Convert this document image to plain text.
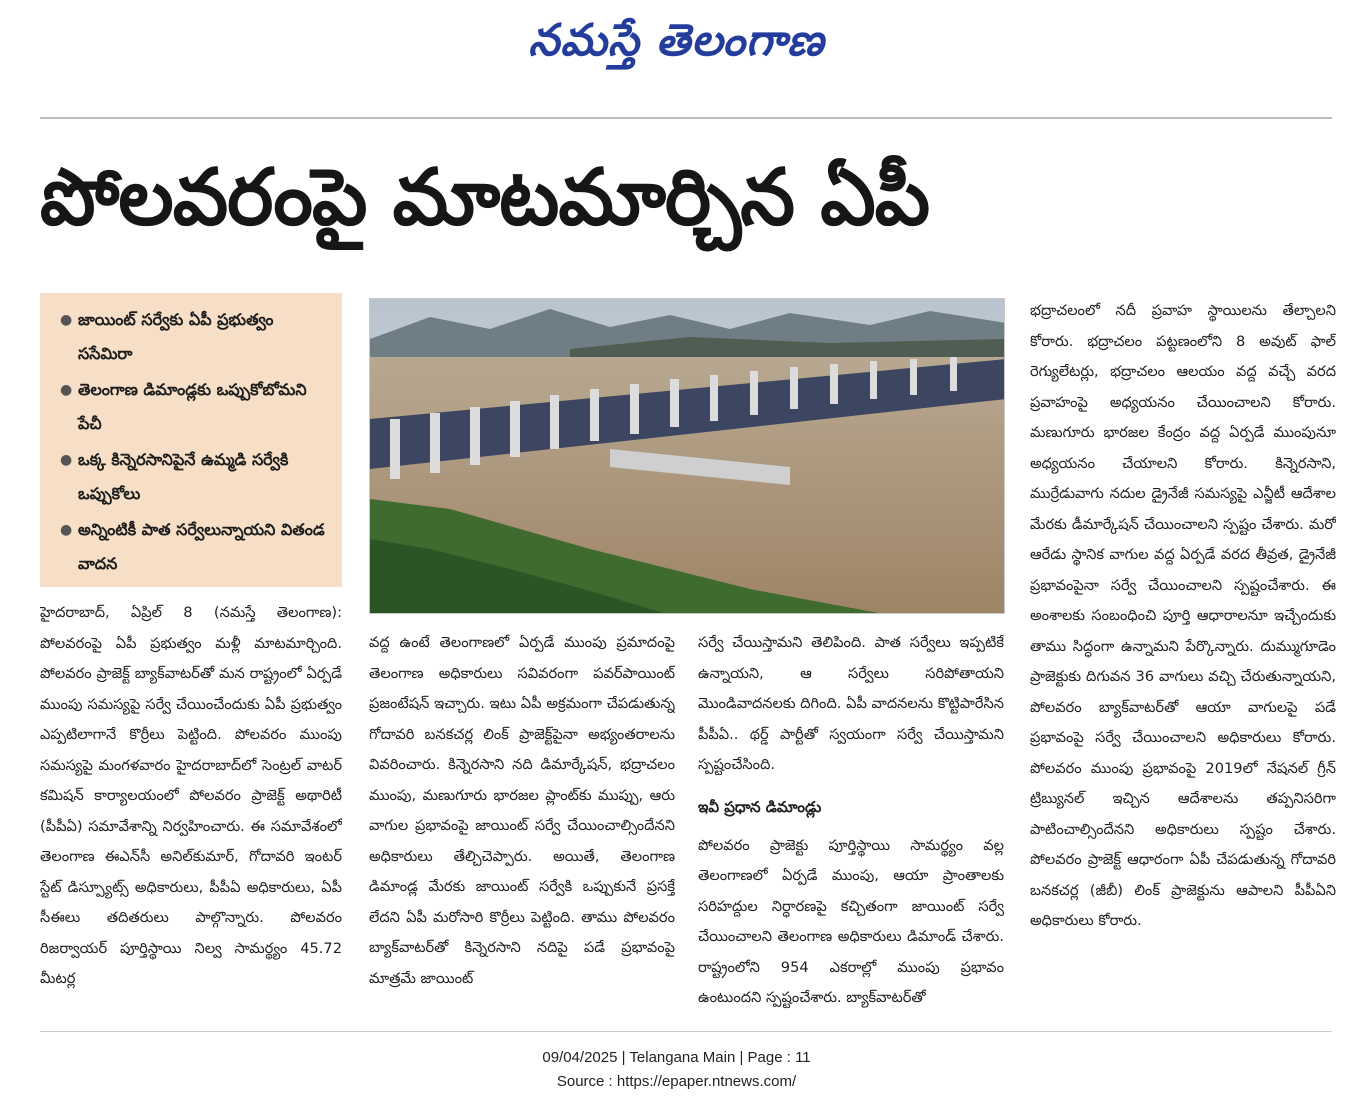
నమస్తే తెలంగాణ
పోలవరంపై మాటమార్చిన ఏపీ
● జాయింట్ సర్వేకు ఏపీ ప్రభుత్వం ససేమిరా
● తెలంగాణ డిమాండ్లకు ఒప్పుకోబోమని పేచీ
● ఒక్క కిన్నెరసానిపైనే ఉమ్మడి సర్వేకి ఒప్పుకోలు
● అన్నింటికీ పాత సర్వేలున్నాయని వితండ వాదన

హైదరాబాద్, ఏప్రిల్ 8 (నమస్తే తెలంగాణ): పోలవరంపై ఏపీ ప్రభుత్వం మళ్లీ మాటమార్చింది. పోలవరం ప్రాజెక్ట్ బ్యాక్‌వాటర్‌తో మన రాష్ట్రంలో ఏర్పడే ముంపు సమస్యపై సర్వే చేయించేందుకు ఏపీ ప్రభుత్వం ఎప్పటిలాగానే కొర్రీలు పెట్టింది. పోలవరం ముంపు సమస్యపై మంగళవారం హైదరాబాద్‌లో సెంట్రల్ వాటర్ కమిషన్ కార్యాలయంలో పోలవరం ప్రాజెక్ట్ అథారిటీ (పీపీఏ) సమావేశాన్ని నిర్వహించారు. ఈ సమావేశంలో తెలంగాణ ఈఎన్‌సీ అనిల్‌కుమార్, గోదావరి ఇంటర్ స్టేట్ డిస్ప్యూట్స్ అధికారులు, పీపీఏ అధికారులు, ఏపీ సీఈలు తదితరులు పాల్గొన్నారు. పోలవరం రిజర్వాయర్ పూర్తిస్థాయి నిల్వ సామర్థ్యం 45.72 మీటర్ల

వద్ద ఉంటే తెలంగాణలో ఏర్పడే ముంపు ప్రమాదంపై తెలంగాణ అధికారులు సవివరంగా పవర్‌పాయింట్ ప్రజంటేషన్ ఇచ్చారు. ఇటు ఏపీ అక్రమంగా చేపడుతున్న గోదావరి బనకచర్ల లింక్ ప్రాజెక్ట్‌పైనా అభ్యంతరాలను వివరించారు. కిన్నెరసాని నది డిమార్కేషన్, భద్రాచలం ముంపు, మణుగూరు భారజల ప్లాంట్‌కు ముప్పు, ఆరు వాగుల ప్రభావంపై జాయింట్ సర్వే చేయించాల్సిందేనని అధికారులు తేల్చిచెప్పారు. అయితే, తెలంగాణ డిమాండ్ల మేరకు జాయింట్ సర్వేకి ఒప్పుకునే ప్రసక్తే లేదని ఏపీ మరోసారి కొర్రీలు పెట్టింది. తాము పోలవరం బ్యాక్‌వాటర్‌తో కిన్నెరసాని నదిపై పడే ప్రభావంపై మాత్రమే జాయింట్

సర్వే చేయిస్తామని తెలిపింది. పాత సర్వేలు ఇప్పటికే ఉన్నాయని, ఆ సర్వేలు సరిపోతాయని మొండివాదనలకు దిగింది. ఏపీ వాదనలను కొట్టిపారేసిన పీపీఏ.. థర్డ్ పార్టీతో స్వయంగా సర్వే చేయిస్తామని స్పష్టంచేసింది.

ఇవీ ప్రధాన డిమాండ్లు

పోలవరం ప్రాజెక్టు పూర్తిస్థాయి సామర్థ్యం వల్ల తెలంగాణలో ఏర్పడే ముంపు, ఆయా ప్రాంతాలకు సరిహద్దుల నిర్ధారణపై కచ్చితంగా జాయింట్ సర్వే చేయించాలని తెలంగాణ అధికారులు డిమాండ్ చేశారు. రాష్ట్రంలోని 954 ఎకరాల్లో ముంపు ప్రభావం ఉంటుందని స్పష్టంచేశారు. బ్యాక్‌వాటర్‌తో

భద్రాచలంలో నదీ ప్రవాహ స్థాయిలను తేల్చాలని కోరారు. భద్రాచలం పట్టణంలోని 8 అవుట్ ఫాల్ రెగ్యులేటర్లు, భద్రాచలం ఆలయం వద్ద వచ్చే వరద ప్రవాహంపై అధ్యయనం చేయించాలని కోరారు. మణుగూరు భారజల కేంద్రం వద్ద ఏర్పడే ముంపునూ అధ్యయనం చేయాలని కోరారు. కిన్నెరసాని, ముర్రేడువాగు నదుల డ్రైనేజీ సమస్యపై ఎన్జీటీ ఆదేశాల మేరకు డీమార్కేషన్ చేయించాలని స్పష్టం చేశారు. మరో ఆరేడు స్థానిక వాగుల వద్ద ఏర్పడే వరద తీవ్రత, డ్రైనేజీ ప్రభావంపైనా సర్వే చేయించాలని స్పష్టంచేశారు. ఈ అంశాలకు సంబంధించి పూర్తి ఆధారాలనూ ఇచ్చేందుకు తాము సిద్ధంగా ఉన్నామని పేర్కొన్నారు. దుమ్ముగూడెం ప్రాజెక్టుకు దిగువన 36 వాగులు వచ్చి చేరుతున్నాయని, పోలవరం బ్యాక్‌వాటర్‌తో ఆయా వాగులపై పడే ప్రభావంపై సర్వే చేయించాలని అధికారులు కోరారు. పోలవరం ముంపు ప్రభావంపై 2019లో నేషనల్ గ్రీన్ ట్రిబ్యునల్ ఇచ్చిన ఆదేశాలను తప్పనిసరిగా పాటించాల్సిందేనని అధికారులు స్పష్టం చేశారు. పోలవరం ప్రాజెక్ట్ ఆధారంగా ఏపీ చేపడుతున్న గోదావరి బనకచర్ల (జీబీ) లింక్ ప్రాజెక్టును ఆపాలని పీపీఏని అధికారులు కోరారు.

09/04/2025 | Telangana Main | Page : 11
Source : https://epaper.ntnews.com/
